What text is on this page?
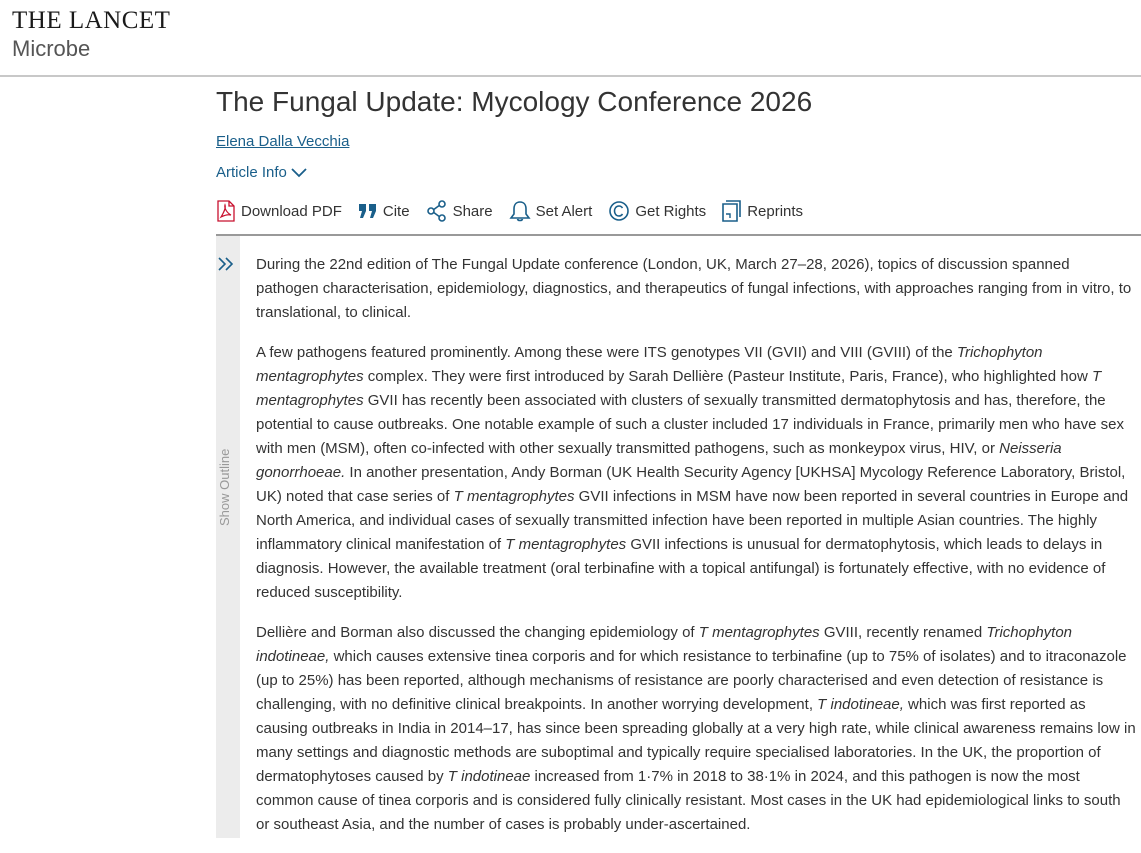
THE LANCET
Microbe
The Fungal Update: Mycology Conference 2026
Elena Dalla Vecchia
Article Info
Download PDF	Cite	Share	Set Alert	Get Rights	Reprints
Show Outline

During the 22nd edition of The Fungal Update conference (London, UK, March 27–28, 2026), topics of discussion spanned pathogen characterisation, epidemiology, diagnostics, and therapeutics of fungal infections, with approaches ranging from in vitro, to translational, to clinical.

A few pathogens featured prominently. Among these were ITS genotypes VII (GVII) and VIII (GVIII) of the Trichophyton mentagrophytes complex. They were first introduced by Sarah Dellière (Pasteur Institute, Paris, France), who highlighted how T mentagrophytes GVII has recently been associated with clusters of sexually transmitted dermatophytosis and has, therefore, the potential to cause outbreaks. One notable example of such a cluster included 17 individuals in France, primarily men who have sex with men (MSM), often co-infected with other sexually transmitted pathogens, such as monkeypox virus, HIV, or Neisseria gonorrhoeae. In another presentation, Andy Borman (UK Health Security Agency [UKHSA] Mycology Reference Laboratory, Bristol, UK) noted that case series of T mentagrophytes GVII infections in MSM have now been reported in several countries in Europe and North America, and individual cases of sexually transmitted infection have been reported in multiple Asian countries. The highly inflammatory clinical manifestation of T mentagrophytes GVII infections is unusual for dermatophytosis, which leads to delays in diagnosis. However, the available treatment (oral terbinafine with a topical antifungal) is fortunately effective, with no evidence of reduced susceptibility.

Dellière and Borman also discussed the changing epidemiology of T mentagrophytes GVIII, recently renamed Trichophyton indotineae, which causes extensive tinea corporis and for which resistance to terbinafine (up to 75% of isolates) and to itraconazole (up to 25%) has been reported, although mechanisms of resistance are poorly characterised and even detection of resistance is challenging, with no definitive clinical breakpoints. In another worrying development, T indotineae, which was first reported as causing outbreaks in India in 2014–17, has since been spreading globally at a very high rate, while clinical awareness remains low in many settings and diagnostic methods are suboptimal and typically require specialised laboratories. In the UK, the proportion of dermatophytoses caused by T indotineae increased from 1·7% in 2018 to 38·1% in 2024, and this pathogen is now the most common cause of tinea corporis and is considered fully clinically resistant. Most cases in the UK had epidemiological links to south or southeast Asia, and the number of cases is probably under-ascertained.
